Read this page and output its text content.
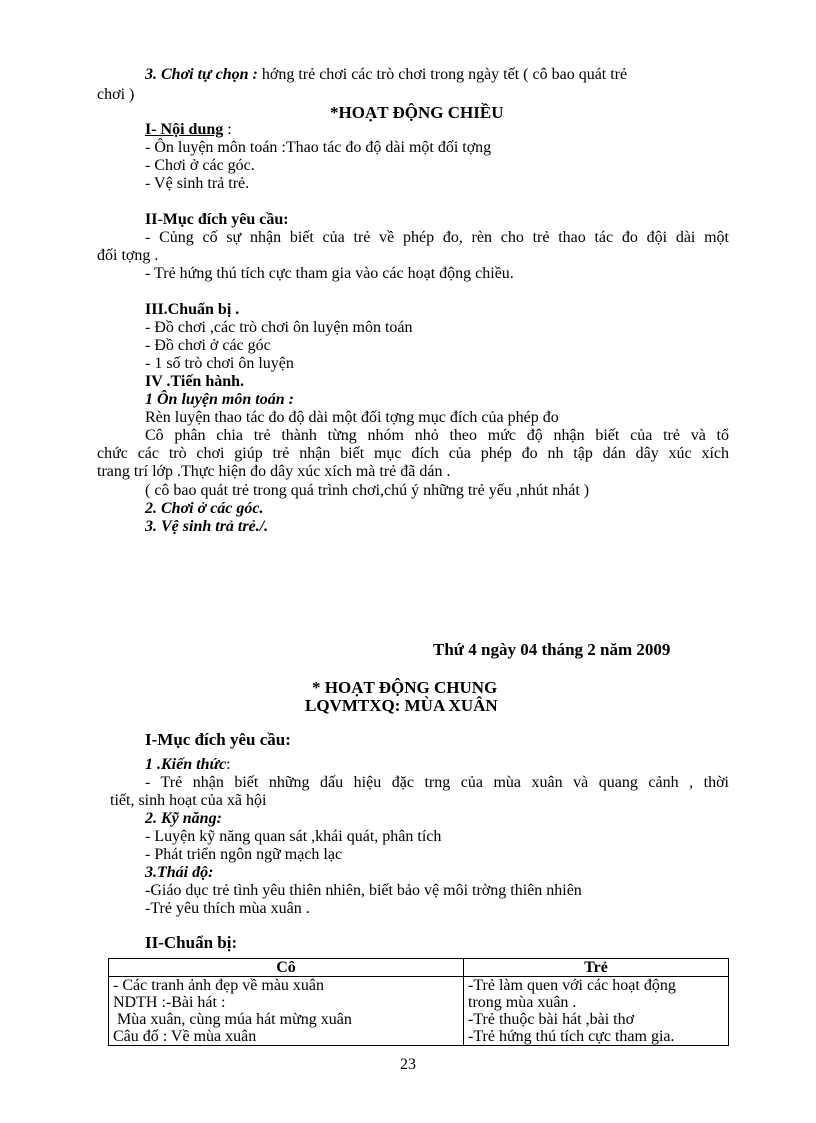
3. Chơi tự chọn : hớng trẻ chơi các trò chơi trong ngày tết ( cô bao quát trẻ
chơi )
*HOẠT ĐỘNG CHIỀU
I- Nội dung :
- Ôn luyện môn toán :Thao tác đo độ dài một đối tợng
- Chơi ở các góc.
- Vệ sinh trả trẻ.
II-Mục đích yêu cầu:
- Củng cố sự nhận biết của trẻ về phép đo, rèn cho trẻ thao tác đo đội dài một
đối tợng .
- Trẻ hứng thú tích cực tham gia vào các hoạt động chiều.
III.Chuẩn bị .
- Đồ chơi ,các trò chơi ôn luyện môn toán
- Đồ chơi ở các góc
- 1 số trò chơi ôn luyện
IV .Tiến hành.
1 Ôn luyện môn toán :
Rèn luyện thao tác đo độ dài một đối tợng mục đích của phép đo
Cô phân chia trẻ thành từng nhóm nhỏ theo mức độ nhận biết của trẻ và tổ
chức các trò chơi giúp trẻ nhận biết mục đích của phép đo nh tập dán dây xúc xích
trang trí lớp .Thực hiện đo dây xúc xích mà trẻ đã dán .
( cô bao quát trẻ trong quá trình chơi,chú ý những trẻ yếu ,nhút nhát )
2. Chơi ở các góc.
3. Vệ sinh trả trẻ./.
Thứ 4 ngày 04 tháng 2 năm 2009
* HOẠT ĐỘNG CHUNG
LQVMTXQ: MÙA XUÂN
I-Mục đích yêu cầu:
1 .Kiến thức:
- Trẻ nhận biết những dấu hiệu đặc trng của mùa xuân và quang cảnh , thời
tiết, sinh hoạt của xã hội
2. Kỹ năng:
- Luyện kỹ năng quan sát ,khái quát, phân tích
- Phát triển ngôn ngữ mạch lạc
3.Thái độ:
-Giáo dục trẻ tình yêu thiên nhiên, biết bảo vệ môi trờng thiên nhiên
-Trẻ yêu thích mùa xuân .
II-Chuẩn bị:
Cô	Trẻ
- Các tranh ảnh đẹp về màu xuân	-Trẻ làm quen với các hoạt động
NDTH :-Bài hát :	trong mùa xuân .
Mùa xuân, cùng múa hát mừng xuân	-Trẻ thuộc bài hát ,bài thơ
Câu đố : Về mùa xuân	-Trẻ hứng thú tích cực tham gia.
23
